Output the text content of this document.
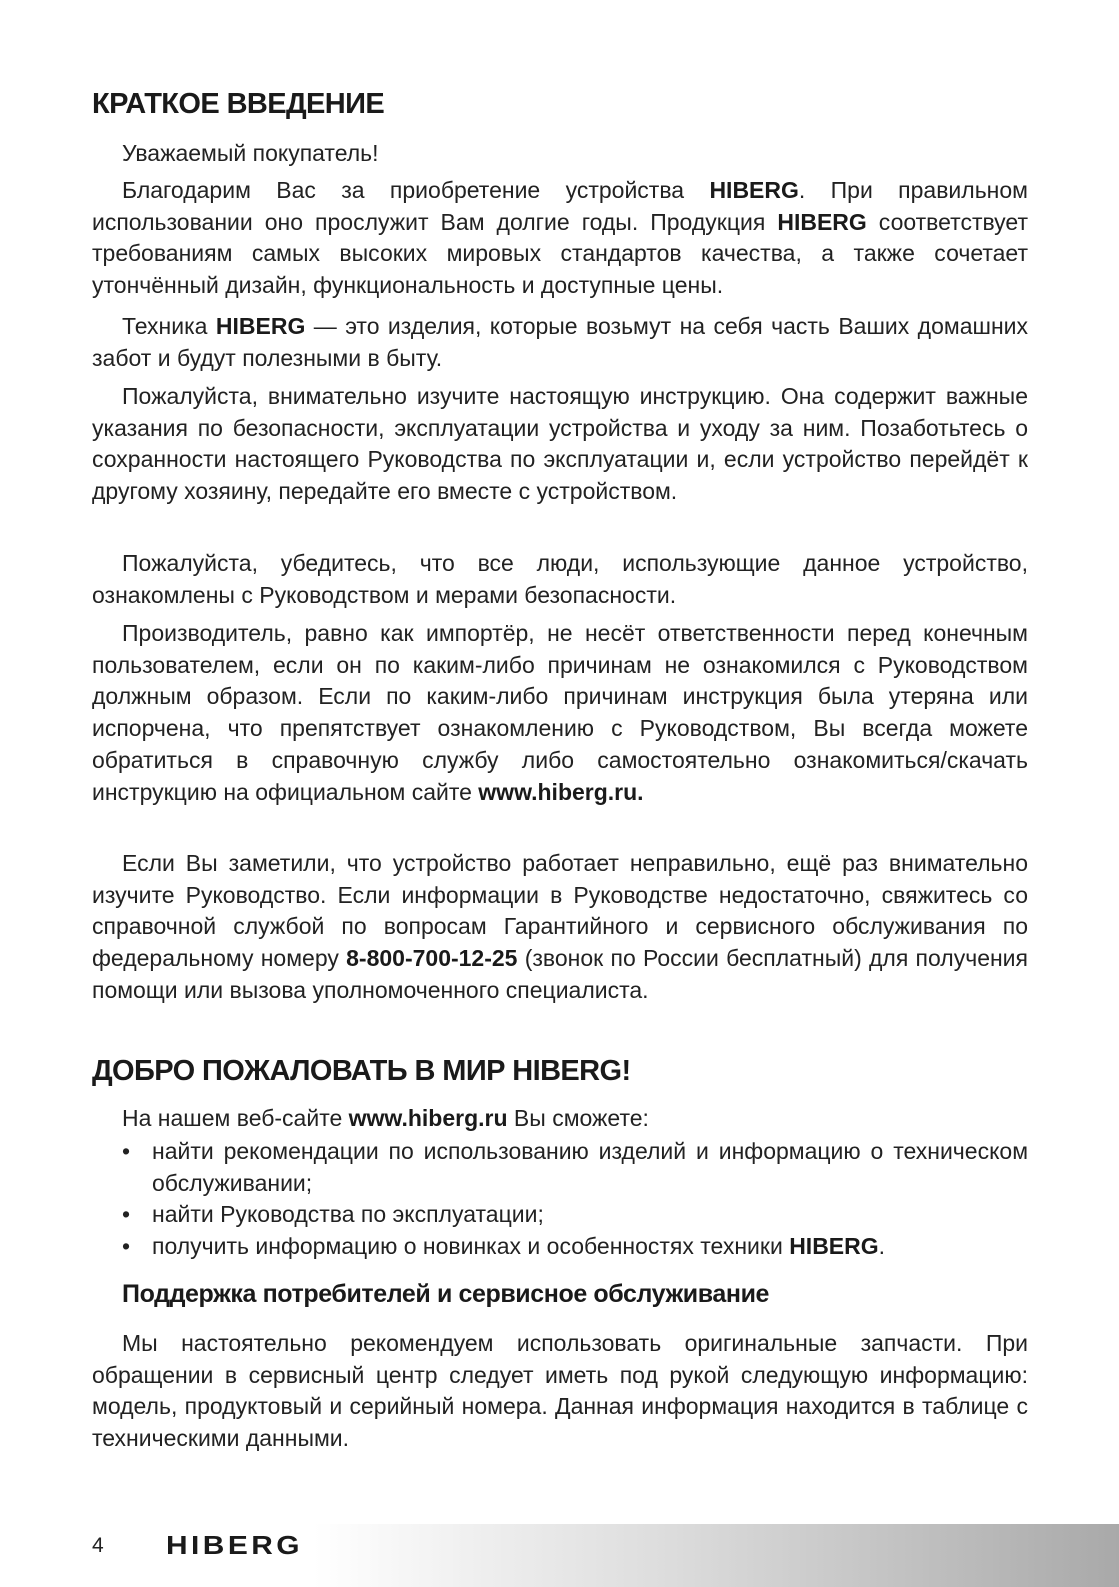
КРАТКОЕ ВВЕДЕНИЕ

Уважаемый покупатель!

Благодарим Вас за приобретение устройства HIBERG. При правильном использовании оно прослужит Вам долгие годы. Продукция HIBERG соответствует требованиям самых высоких мировых стандартов качества, а также сочетает утончённый дизайн, функциональность и доступные цены.

Техника HIBERG — это изделия, которые возьмут на себя часть Ваших домашних забот и будут полезными в быту.

Пожалуйста, внимательно изучите настоящую инструкцию. Она содержит важные указания по безопасности, эксплуатации устройства и уходу за ним. Позаботьтесь о сохранности настоящего Руководства по эксплуатации и, если устройство перейдёт к другому хозяину, передайте его вместе с устройством.

Пожалуйста, убедитесь, что все люди, использующие данное устройство, ознакомлены с Руководством и мерами безопасности.

Производитель, равно как импортёр, не несёт ответственности перед конечным пользователем, если он по каким-либо причинам не ознакомился с Руководством должным образом. Если по каким-либо причинам инструкция была утеряна или испорчена, что препятствует ознакомлению с Руководством, Вы всегда можете обратиться в справочную службу либо самостоятельно ознакомиться/скачать инструкцию на официальном сайте www.hiberg.ru.

Если Вы заметили, что устройство работает неправильно, ещё раз внимательно изучите Руководство. Если информации в Руководстве недостаточно, свяжитесь со справочной службой по вопросам Гарантийного и сервисного обслуживания по федеральному номеру 8-800-700-12-25 (звонок по России бесплатный) для получения помощи или вызова уполномоченного специалиста.

ДОБРО ПОЖАЛОВАТЬ В МИР HIBERG!

На нашем веб-сайте www.hiberg.ru Вы сможете:

• найти рекомендации по использованию изделий и информацию о техническом обслуживании;
• найти Руководства по эксплуатации;
• получить информацию о новинках и особенностях техники HIBERG.
Поддержка потребителей и сервисное обслуживание

Мы настоятельно рекомендуем использовать оригинальные запчасти. При обращении в сервисный центр следует иметь под рукой следующую информацию: модель, продуктовый и серийный номера. Данная информация находится в таблице с техническими данными.

4 HIBERG
